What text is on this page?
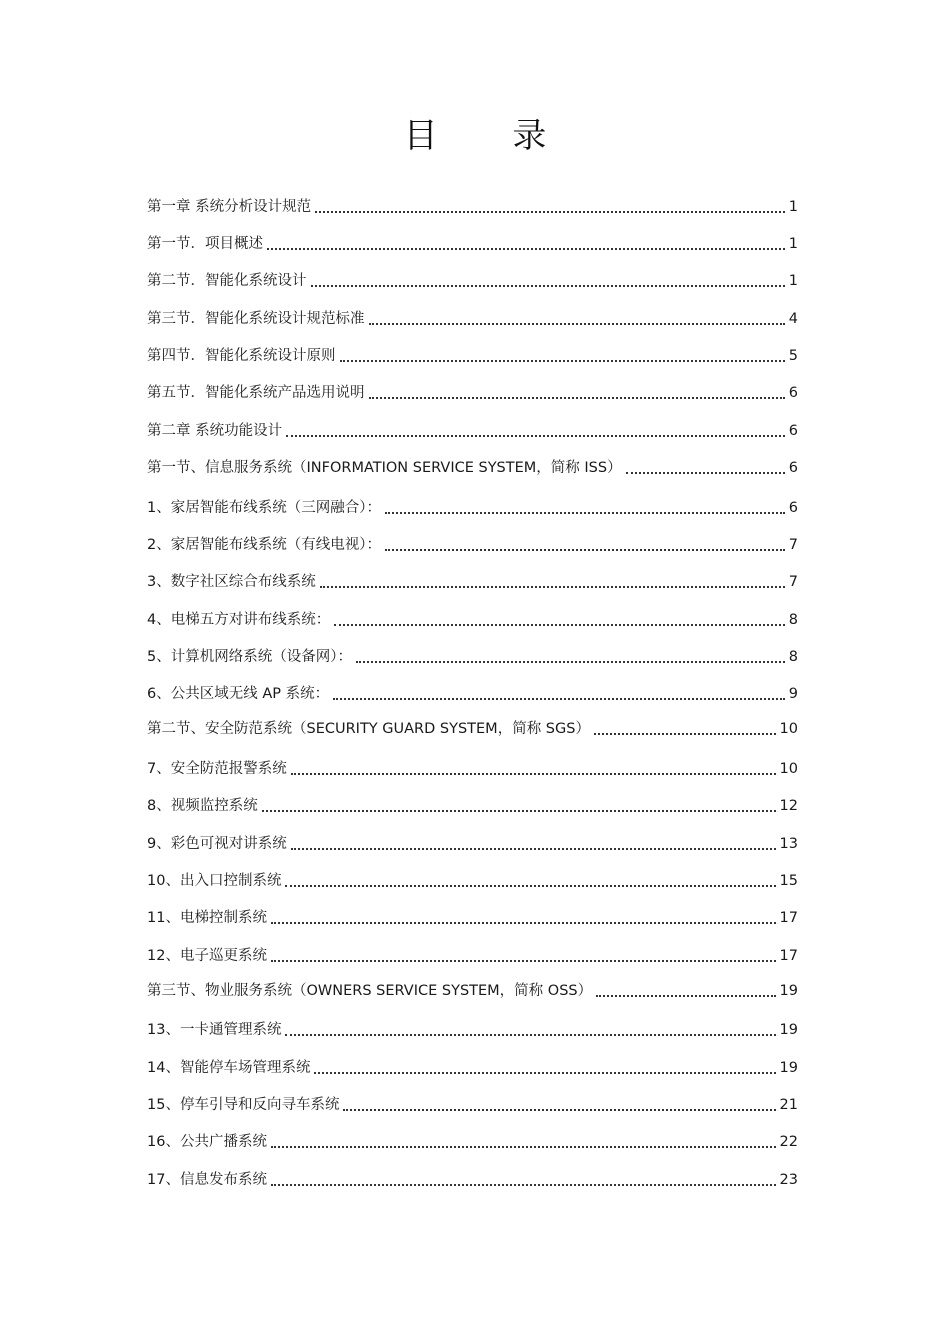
目 录
第一章 系统分析设计规范	1
第一节．项目概述	1
第二节．智能化系统设计	1
第三节．智能化系统设计规范标准	4
第四节．智能化系统设计原则	5
第五节．智能化系统产品选用说明	6
第二章 系统功能设计	6
第一节、信息服务系统（INFORMATION SERVICE SYSTEM，简称 ISS）	6
1、家居智能布线系统（三网融合）：	6
2、家居智能布线系统（有线电视）：	7
3、数字社区综合布线系统	7
4、电梯五方对讲布线系统：	8
5、计算机网络系统（设备网）：	8
6、公共区域无线 AP 系统：	9
第二节、安全防范系统（SECURITY GUARD SYSTEM，简称 SGS）	10
7、安全防范报警系统	10
8、视频监控系统	12
9、彩色可视对讲系统	13
10、出入口控制系统	15
11、电梯控制系统	17
12、电子巡更系统	17
第三节、物业服务系统（OWNERS SERVICE SYSTEM，简称 OSS）	19
13、一卡通管理系统	19
14、智能停车场管理系统	19
15、停车引导和反向寻车系统	21
16、公共广播系统	22
17、信息发布系统	23
